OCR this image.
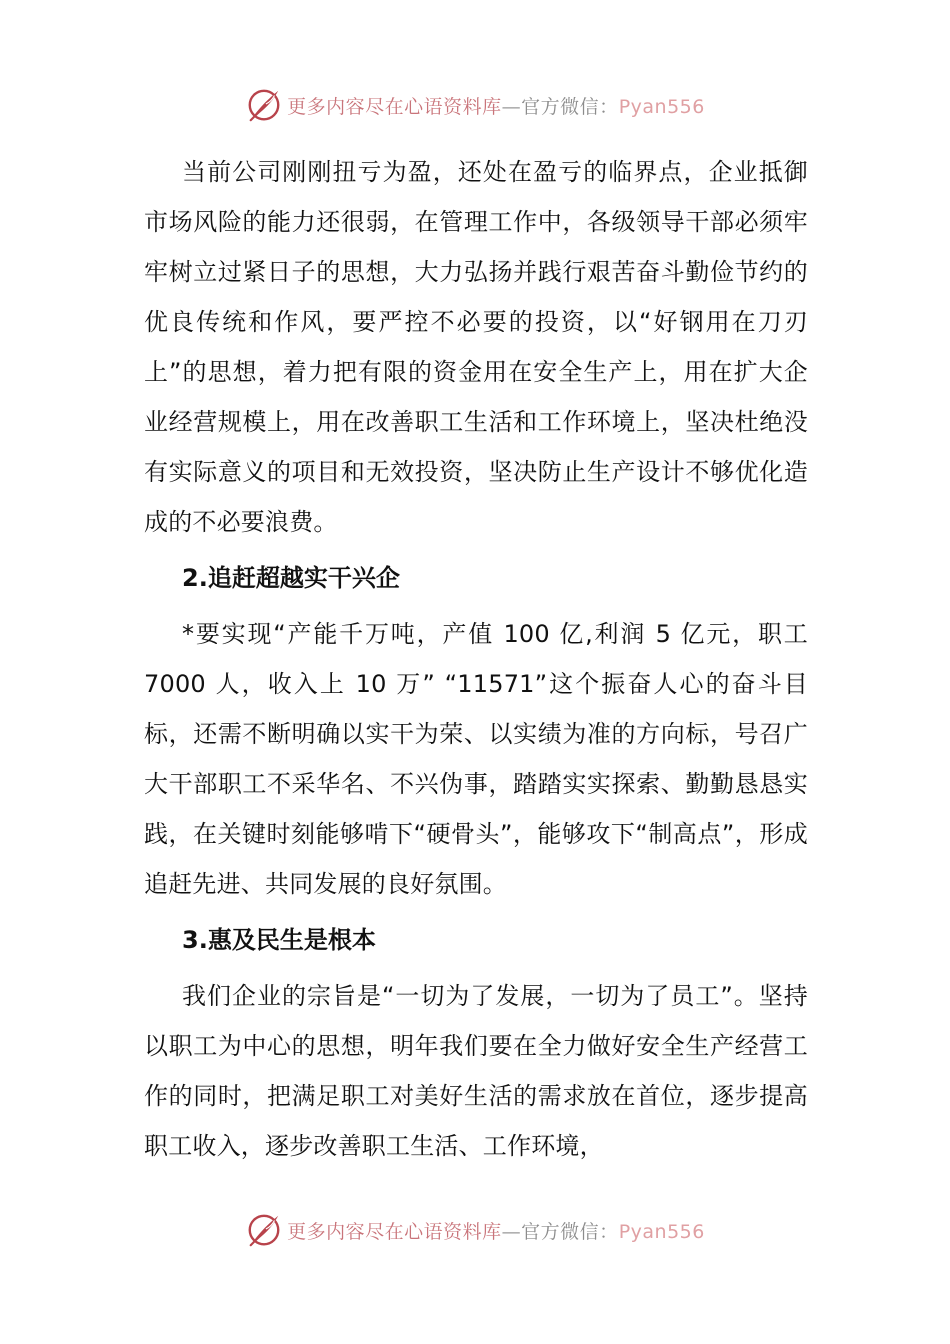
更多内容尽在心语资料库—官方微信：Pyan556

当前公司刚刚扭亏为盈，还处在盈亏的临界点，企业抵御市场风险的能力还很弱，在管理工作中，各级领导干部必须牢牢树立过紧日子的思想，大力弘扬并践行艰苦奋斗勤俭节约的优良传统和作风，要严控不必要的投资，以“好钢用在刀刃上”的思想，着力把有限的资金用在安全生产上，用在扩大企业经营规模上，用在改善职工生活和工作环境上，坚决杜绝没有实际意义的项目和无效投资，坚决防止生产设计不够优化造成的不必要浪费。

2.追赶超越实干兴企

*要实现“产能千万吨，产值 100 亿,利润 5 亿元，职工 7000 人，收入上 10 万” “11571”这个振奋人心的奋斗目标，还需不断明确以实干为荣、以实绩为准的方向标，号召广大干部职工不采华名、不兴伪事，踏踏实实探索、勤勤恳恳实践，在关键时刻能够啃下“硬骨头”，能够攻下“制高点”，形成追赶先进、共同发展的良好氛围。

3.惠及民生是根本

我们企业的宗旨是“一切为了发展，一切为了员工”。坚持以职工为中心的思想，明年我们要在全力做好安全生产经营工作的同时，把满足职工对美好生活的需求放在首位，逐步提高职工收入，逐步改善职工生活、工作环境，

更多内容尽在心语资料库—官方微信：Pyan556
